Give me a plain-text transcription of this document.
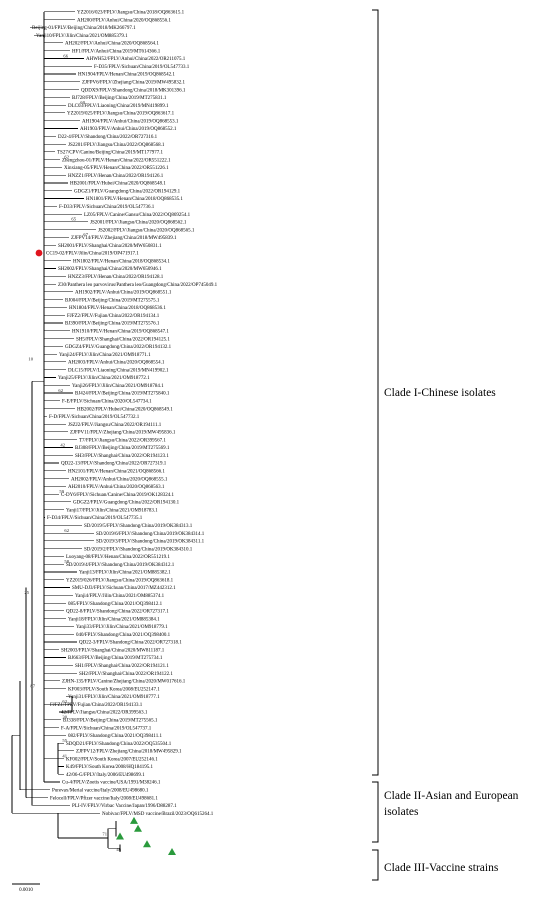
YZ2016/023/FPLV/Jiangsu/China/2018/OQ863615.1
AH200/FPLV/Anhui/China/2020/OQ868556.1
Beijing-01/FPLV/Beijing/China/2018/MK266797.1
Yanji10/FPLV/Jilin/China/2021/OM885379.1
AH202/FPLV/Anhui/China/2020/OQ868564.1
HF1/FPLV/Anhui/China/2019/MT614366.1
AHWH52/FPLV/Anhui/China/2022/OR211075.1
F-D35/FPLV/Sichuan/China/2019/OL547733.1
HN1904/FPLV/Henan/China/2019/OQ868542.1
ZJFPV6/FPLV/Zhejiang/China/2019/MW495832.1
QDDX9/FPLV/Shandong/China/2018/MK301396.1
BJ728/FPLV/Beijing/China/2019/MT275831.1
DLC03/FPLV/Liaoning/China/2019/MN419899.1
YZ2019/025/FPLV/Jiangsu/China/2019/OQ863617.1
AH1904/FPLV/Anhui/China/2019/OQ868553.1
AH1903/FPLV/Anhui/China/2019/OQ868552.1
D22-4/FPLV/Shandong/China/2022/OR727316.1
JS2201/FPLV/Jiangsu/China/2022/OQ868568.1
TS27/CPV/Canine/Beijing/China/2019/MT177977.1
Zhengzhou-01/FPLV/Henan/China/2022/OR551222.1
Xinxiang-05/FPLV/Henan/China/2022/OR551226.1
HNZZ1/FPLV/Henan/China/2022/OR194126.1
HB2001/FPLV/Hubei/China/2020/OQ868548.1
GDGZ1/FPLV/Guangdong/China/2022/OR194129.1
HN1801/FPLV/Henan/China/2018/OQ868535.1
F-D33/FPLV/Sichuan/China/2019/OL547736.1
LZ05/FPLV/Canine/Gansu/China/2022/OQ869254.1
JS2001/FPLV/Jiangsu/China/2020/OQ868562.1
JS2002/FPLV/Jiangsu/China/2020/OQ868565.1
ZJFPV14/FPLV/Zhejiang/China/2018/MW495839.1
SH2001/FPLV/Shanghai/China/2020/MW650831.1
CC19-02/FPLV/Jilin/China/2019/OP471917.1
HN1802/FPLV/Henan/China/2018/OQ868534.1
SH2002/FPLV/Shanghai/China/2020/MW650946.1
HNZZ3/FPLV/Henan/China/2022/OR194128.1
Z30/Panthera leo parvovirus/Panthera leo/Guangdong/China/2022/OP745049.1
AH1902/FPLV/Anhui/China/2019/OQ868551.1
BJ004/FPLV/Beijing/China/2019/MT275575.1
HN1804/FPLV/Henan/China/2018/OQ868536.1
FJFZ2/FPLV/Fujian/China/2022/OR194134.1
BJ390/FPLV/Beijing/China/2019/MT275576.1
HN1910/FPLV/Henan/China/2019/OQ868547.1
SH5/FPLV/Shanghai/China/2022/OR194125.1
GDGZ4/FPLV/Guangdong/China/2022/OR194132.1
Yanji24/FPLV/Jilin/China/2021/OM918771.1
AH2003/FPLV/Anhui/China/2020/OQ868554.1
DLC15/FPLV/Liaoning/China/2019/MN419902.1
Yanji25/FPLV/Jilin/China/2021/OM918772.1
Yanji26/FPLV/Jilin/China/2021/OM918784.1
BJ424/FPLV/Beijing/China/2019/MT275840.1
F-E/FPLV/Sichuan/China/2020/OL547734.1
HB2002/FPLV/Hubei/China/2020/OQ868549.1
F-D/FPLV/Sichuan/China/2019/OL547732.1
JSZJ2/FPLV/Jiangsu/China/2022/OR194111.1
ZJFPV11/FPLV/Zhejiang/China/2019/MW495836.1
T7/FPLV/Jiangsu/China/2022/OR399567.1
BJ308/FPLV/Beijing/China/2019/MT275569.1
SH3/FPLV/Shanghai/China/2022/OR194123.1
QD22-13/FPLV/Shandong/China/2022/OR727319.1
HN2101/FPLV/Henan/China/2021/OQ868566.1
AH2002/FPLV/Anhui/China/2020/OQ868555.1
AH2010/FPLV/Anhui/China/2020/OQ868563.1
C-DY6/FPLV/Sichuan/Canine/China/2019/OK128324.1
GDGZ2/FPLV/Guangdong/China/2022/OR194130.1
Yanji17/FPLV/Jilin/China/2021/OM918783.1
F-D34/FPLV/Sichuan/China/2019/OL547735.1
SD/2019/5/FPLV/Shandong/China/2019/OK384313.1
SD/2019/6/FPLV/Shandong/China/2019/OK384314.1
SD/2019/3/FPLV/Shandong/China/2019/OK384311.1
SD/2019/2/FPLV/Shandong/China/2019/OK384310.1
Luoyang-08/FPLV/Henan/China/2022/OR551219.1
SD/2019/4/FPLV/Shandong/China/2019/OK384312.1
Yanji13/FPLV/Jilin/China/2021/OM885382.1
YZ2019/026/FPLV/Jiangsu/China/2019/OQ863618.1
SMU-DJ3/FPLV/Sichuan/China/2017/MZ442312.1
Yanji4/FPLV/Jilin/China/2021/OM885374.1
085/FPLV/Shandong/China/2021/OQ398412.1
QD22-8/FPLV/Shandong/China/2022/OR727317.1
Yanji18/FPLV/Jilin/China/2021/OM885384.1
Yanji33/FPLV/Jilin/China/2021/OM918779.1
040/FPLV/Shandong/China/2021/OQ398400.1
QD22-3/FPLV/Shandong/China/2022/OR727318.1
SH2003/FPLV/Shanghai/China/2020/MW811187.1
BJ663/FPLV/Beijing/China/2019/MT275734.1
SH1/FPLV/Shanghai/China/2022/OR194121.1
SH2/FPLV/Shanghai/China/2022/OR194122.1
ZJHN-135/FPLV/Canine/Zhejiang/China/2020/MW017616.1
KF003/FPLV/South Korea/2008/EU252147.1
Yanji31/FPLV/Jilin/China/2021/OM918777.1
FJFZ1/FPLV/Fujian/China/2022/OR194133.1
42/FPLV/Jiangsu/China/2022/OR399563.1
BJ338/FPLV/Beijing/China/2019/MT275565.1
F-A/FPLV/Sichuan/China/2019/OL547737.1
082/FPLV/Shandong/China/2021/OQ398411.1
SDQD21/FPLV/Shandong/China/2022/OQ535504.1
ZJFPV12/FPLV/Zhejiang/China/2018/MW495829.1
KF002/FPLV/South Korea/2007/EU252146.1
K49/FPLV/South Korea/2008/HQ184195.1
42/06-G/FPLV/Italy/2006/EU498699.1
Cu-4/FPLV/Zoetis vaccine/USA/1991/M38246.1
Purevax/Merial vaccine/Italy/2008/EU498680.1
Felocell/FPLV/Pfizer vaccine/Italy/2008/EU498681.1
PLI-IV/FPLV/Virbac Vaccine/Japan/1996/D88287.1
Nobivac/FPLV/MSD vaccine/Brazil/2023/OQ615264.1
66
60
62
65
67
10
62
42
59
62
58
25
87
62
30
55
41
71
46
Clade I-Chinese isolates
Clade II-Asian and European
isolates
Clade III-Vaccine strains
0.0010
